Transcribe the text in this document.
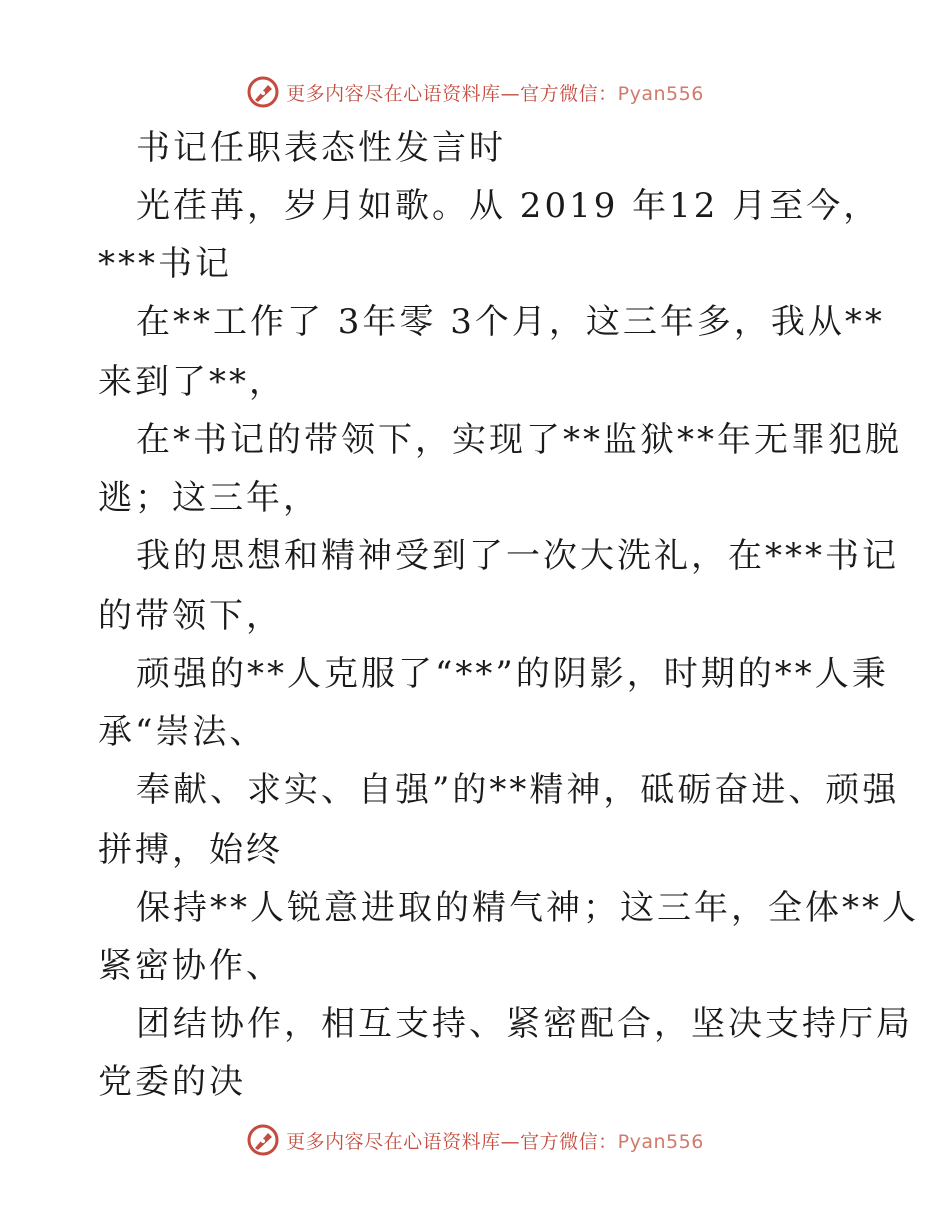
更多内容尽在心语资料库—官方微信：Pyan556
书记任职表态性发言时
光荏苒，岁月如歌。从 2019 年12 月至今，
***书记
在**工作了 3年零 3个月，这三年多，我从**
来到了**，
在*书记的带领下，实现了**监狱**年无罪犯脱
逃；这三年，
我的思想和精神受到了一次大洗礼，在***书记
的带领下，
顽强的**人克服了“**”的阴影，时期的**人秉
承“崇法、
奉献、求实、自强”的**精神，砥砺奋进、顽强
拼搏，始终
保持**人锐意进取的精气神；这三年，全体**人
紧密协作、
团结协作，相互支持、紧密配合，坚决支持厅局
党委的决
更多内容尽在心语资料库—官方微信：Pyan556
